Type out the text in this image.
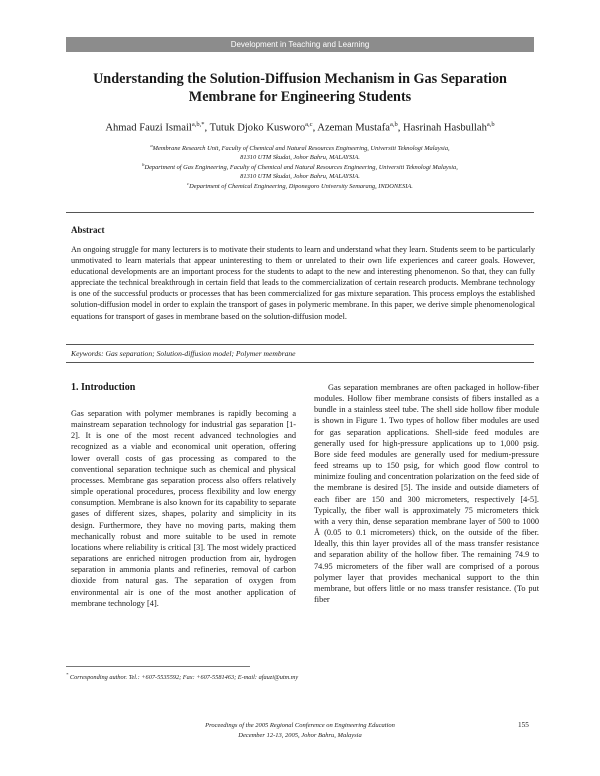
Development in Teaching and Learning
Understanding the Solution-Diffusion Mechanism in Gas Separation Membrane for Engineering Students
Ahmad Fauzi Ismail$^{a,b,*}$, Tutuk Djoko Kusworo$^{a,c}$, Azeman Mustafa$^{a,b}$, Hasrinah Hasbullah$^{a,b}$
$^a$Membrane Research Unit, Faculty of Chemical and Natural Resources Engineering, Universiti Teknologi Malaysia,
81310 UTM Skudai, Johor Bahru, MALAYSIA.
$^b$Department of Gas Engineering, Faculty of Chemical and Natural Resources Engineering, Universiti Teknologi Malaysia,
81310 UTM Skudai, Johor Bahru, MALAYSIA.
$^c$Department of Chemical Engineering, Diponegoro University Semarang, INDONESIA.
Abstract

An ongoing struggle for many lecturers is to motivate their students to learn and understand what they learn. Students seem to be particularly unmotivated to learn materials that appear uninteresting to them or unrelated to their own life experiences and career goals. However, educational developments are an important process for the students to adapt to the new and interesting phenomenon. So that, they can fully appreciate the technical breakthrough in certain field that leads to the commercialization of certain research products. Membrane technology is one of the successful products or processes that has been commercialized for gas mixture separation. This process employs the established solution-diffusion model in order to explain the transport of gases in polymeric membrane. In this paper, we derive simple phenomenological equations for transport of gases in membrane based on the solution-diffusion model.

Keywords: Gas separation; Solution-diffusion model; Polymer membrane
1. Introduction

Gas separation with polymer membranes is rapidly becoming a mainstream separation technology for industrial gas separation [1-2]. It is one of the most recent advanced technologies and recognized as a viable and economical unit operation, offering lower overall costs of gas processing as compared to the conventional separation technique such as chemical and physical processes. Membrane gas separation process also offers relatively simple operational procedures, process flexibility and low energy consumption. Membrane is also known for its capability to separate gases of different sizes, shapes, polarity and simplicity in its design. Furthermore, they have no moving parts, making them mechanically robust and more suitable to be used in remote locations where reliability is critical [3]. The most widely practiced separations are enriched nitrogen production from air, hydrogen separation in ammonia plants and refineries, removal of carbon dioxide from natural gas. The separation of oxygen from environmental air is one of the most another application of membrane technology [4].

Gas separation membranes are often packaged in hollow-fiber modules. Hollow fiber membrane consists of fibers installed as a bundle in a stainless steel tube. The shell side hollow fiber module is shown in Figure 1. Two types of hollow fiber modules are used for gas separation applications. Shell-side feed modules are generally used for high-pressure applications up to 1,000 psig. Bore side feed modules are generally used for medium-pressure feed streams up to 150 psig, for which good flow control to minimize fouling and concentration polarization on the feed side of the membrane is desired [5]. The inside and outside diameters of each fiber are 150 and 300 micrometers, respectively [4-5]. Typically, the fiber wall is approximately 75 micrometers thick with a very thin, dense separation membrane layer of 500 to 1000 Å (0.05 to 0.1 micrometers) thick, on the outside of the fiber. Ideally, this thin layer provides all of the mass transfer resistance and separation ability of the hollow fiber. The remaining 74.9 to 74.95 micrometers of the fiber wall are comprised of a porous polymer layer that provides mechanical support to the thin membrane, but offers little or no mass transfer resistance. (To put fiber

* Corresponding author. Tel.: +607-5535592; Fax: +607-5581463; E-mail: afauzi@utm.my
Proceedings of the 2005 Regional Conference on Engineering Education
December 12-13, 2005, Johor Bahru, Malaysia
155
